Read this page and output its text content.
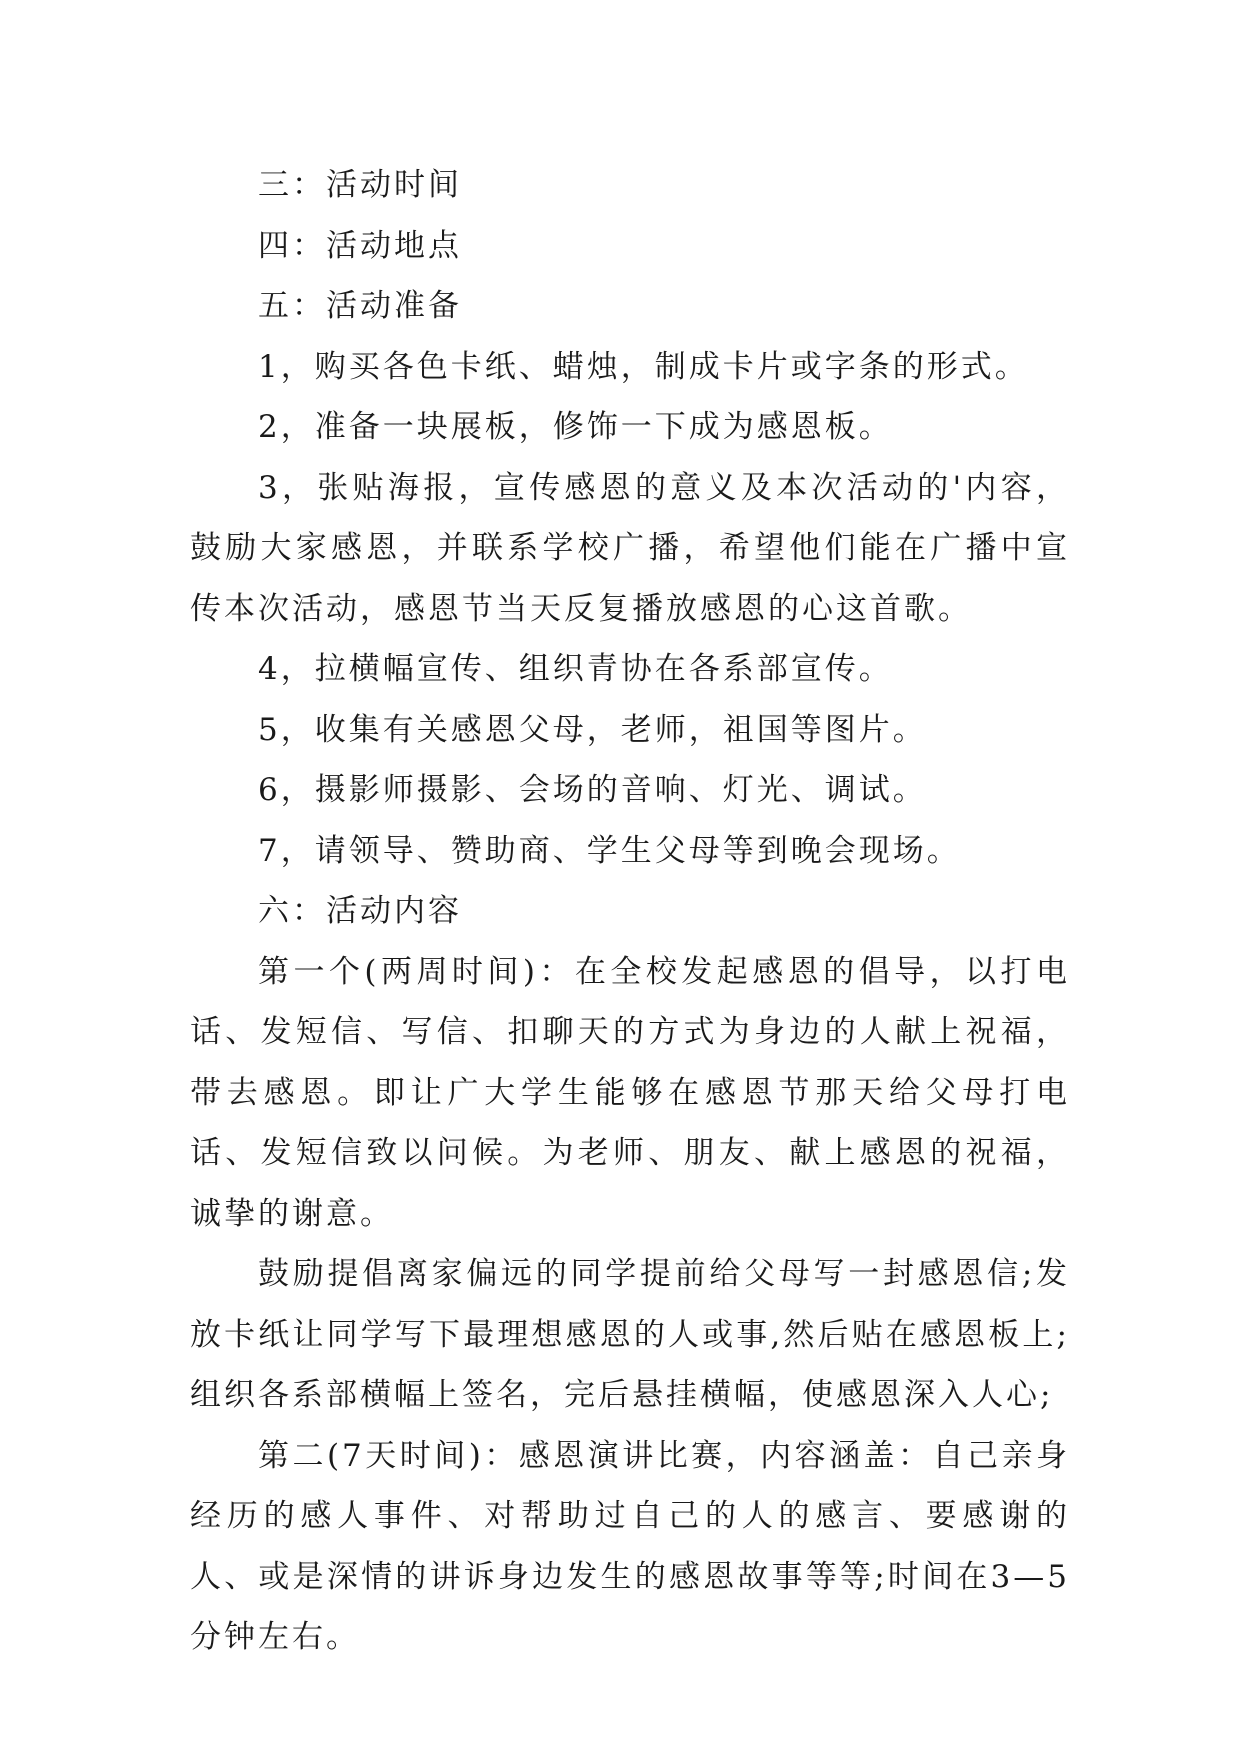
三：活动时间

四：活动地点

五：活动准备

1，购买各色卡纸、蜡烛，制成卡片或字条的形式。

2，准备一块展板，修饰一下成为感恩板。

3，张贴海报，宣传感恩的意义及本次活动的'内容，鼓励大家感恩，并联系学校广播，希望他们能在广播中宣传本次活动，感恩节当天反复播放感恩的心这首歌。

4，拉横幅宣传、组织青协在各系部宣传。

5，收集有关感恩父母，老师，祖国等图片。

6，摄影师摄影、会场的音响、灯光、调试。

7，请领导、赞助商、学生父母等到晚会现场。

六：活动内容

第一个(两周时间)：在全校发起感恩的倡导，以打电话、发短信、写信、扣聊天的方式为身边的人献上祝福，带去感恩。即让广大学生能够在感恩节那天给父母打电话、发短信致以问候。为老师、朋友、献上感恩的祝福，诚挚的谢意。

鼓励提倡离家偏远的同学提前给父母写一封感恩信;发放卡纸让同学写下最理想感恩的人或事,然后贴在感恩板上;组织各系部横幅上签名，完后悬挂横幅，使感恩深入人心;

第二(7天时间)：感恩演讲比赛，内容涵盖：自己亲身经历的感人事件、对帮助过自己的人的感言、要感谢的人、或是深情的讲诉身边发生的感恩故事等等;时间在3—5分钟左右。
